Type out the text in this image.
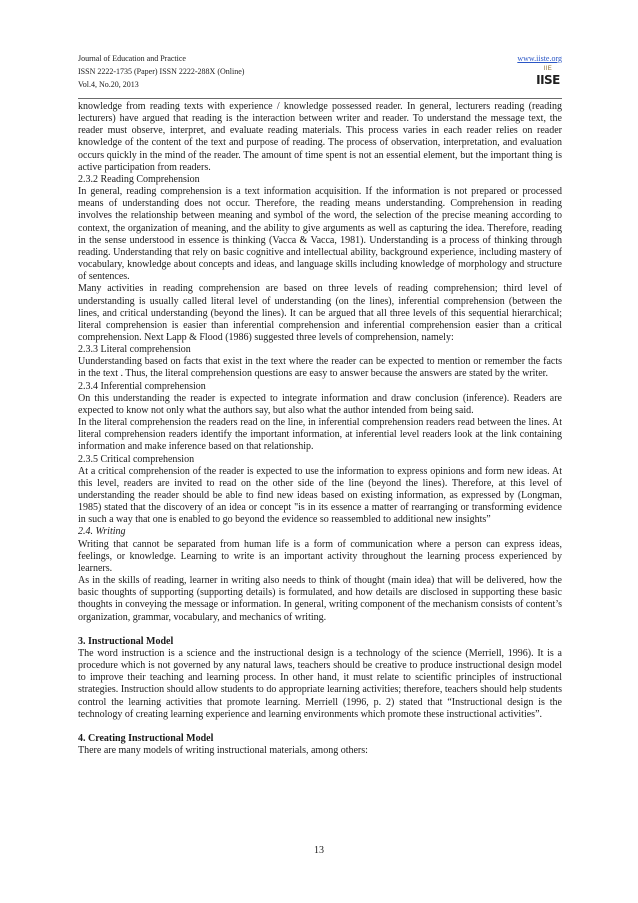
Journal of Education and Practice
ISSN 2222-1735 (Paper) ISSN 2222-288X (Online)
Vol.4, No.20, 2013
www.iiste.org
IIE
IISE

knowledge from reading texts with experience / knowledge possessed reader. In general, lecturers reading (reading lecturers) have argued that reading is the interaction between writer and reader. To understand the message text, the reader must observe, interpret, and evaluate reading materials. This process varies in each reader relies on reader knowledge of the content of the text and purpose of reading. The process of observation, interpretation, and evaluation occurs quickly in the mind of the reader. The amount of time spent is not an essential element, but the important thing is active participation from readers.

2.3.2 Reading Comprehension

In general, reading comprehension is a text information acquisition. If the information is not prepared or processed means of understanding does not occur. Therefore, the reading means understanding. Comprehension in reading involves the relationship between meaning and symbol of the word, the selection of the precise meaning according to context, the organization of meaning, and the ability to give arguments as well as capturing the idea. Therefore, reading in the sense understood in essence is thinking (Vacca & Vacca, 1981). Understanding is a process of thinking through reading. Understanding that rely on basic cognitive and intellectual ability, background experience, including mastery of vocabulary, knowledge about concepts and ideas, and language skills including knowledge of morphology and structure of sentences.

Many activities in reading comprehension are based on three levels of reading comprehension; third level of understanding is usually called literal level of understanding (on the lines), inferential comprehension (between the lines, and critical understanding (beyond the lines). It can be argued that all three levels of this sequential hierarchical; literal comprehension is easier than inferential comprehension and inferential comprehension easier than a critical comprehension. Next Lapp & Flood (1986) suggested three levels of comprehension, namely:

2.3.3 Literal comprehension

Uunderstanding based on facts that exist in the text where the reader can be expected to mention or remember the facts in the text . Thus, the literal comprehension questions are easy to answer because the answers are stated by the writer.

2.3.4 Inferential comprehension

On this understanding the reader is expected to integrate information and draw conclusion (inference). Readers are expected to know not only what the authors say, but also what the author intended from being said.

In the literal comprehension the readers read on the line, in inferential comprehension readers read between the lines. At literal comprehension readers identify the important information, at inferential level readers look at the link containing information and make inference based on that relationship.

2.3.5 Critical comprehension

At a critical comprehension of the reader is expected to use the information to express opinions and form new ideas. At this level, readers are invited to read on the other side of the line (beyond the lines). Therefore, at this level of understanding the reader should be able to find new ideas based on existing information, as expressed by (Longman, 1985) stated that the discovery of an idea or concept "is in its essence a matter of rearranging or transforming evidence in such a way that one is enabled to go beyond the evidence so reassembled to additional new insights”

2.4. Writing

Writing that cannot be separated from human life is a form of communication where a person can express ideas, feelings, or knowledge. Learning to write is an important activity throughout the learning process experienced by learners.

As in the skills of reading, learner in writing also needs to think of thought (main idea) that will be delivered, how the basic thoughts of supporting (supporting details) is formulated, and how details are disclosed in supporting these basic thoughts in conveying the message or information. In general, writing component of the mechanism consists of content’s organization, grammar, vocabulary, and mechanics of writing.

3. Instructional Model

The word instruction is a science and the instructional design is a technology of the science (Merriell, 1996). It is a procedure which is not governed by any natural laws, teachers should be creative to produce instructional design model to improve their teaching and learning process. In other hand, it must relate to scientific principles of instructional strategies. Instruction should allow students to do appropriate learning activities; therefore, teachers should help students control the learning activities that promote learning. Merriell (1996, p. 2) stated that “Instructional design is the technology of creating learning experience and learning environments which promote these instructional activities”.

4. Creating Instructional Model

There are many models of writing instructional materials, among others:

13
